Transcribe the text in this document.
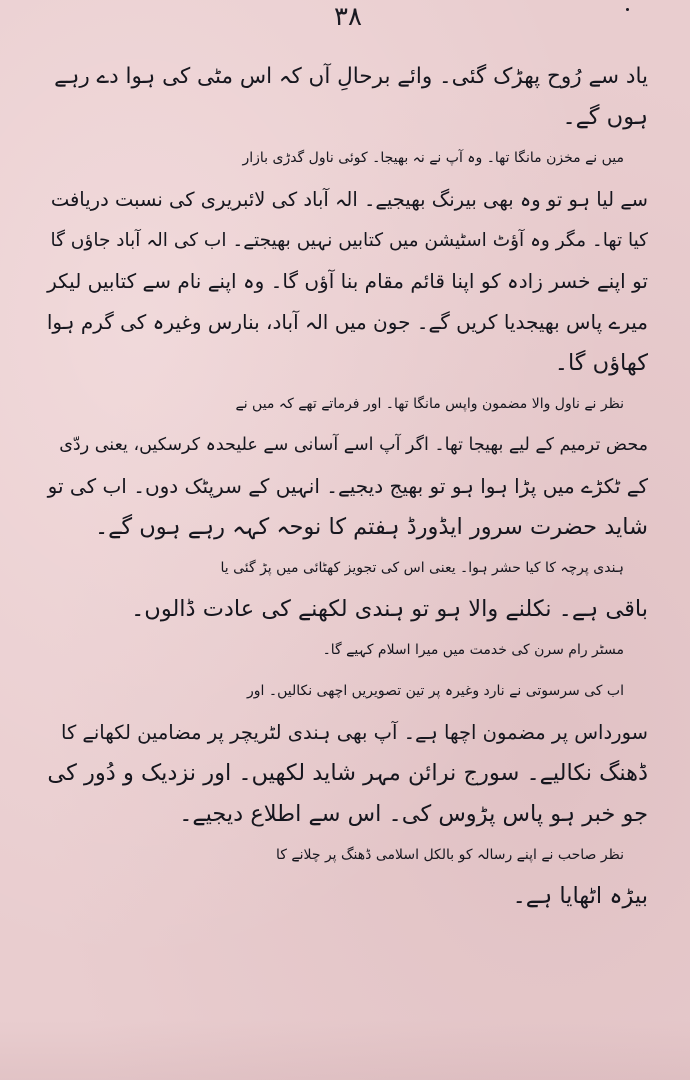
۳۸
یاد سے رُوح پھڑک گئی۔ وائے برحالِ آں کہ اس مٹی کی ہوا دے رہے
ہوں گے۔
میں نے مخزن مانگا تھا۔ وہ آپ نے نہ بھیجا۔ کوئی ناول گدڑی بازار
سے لیا ہو تو وہ بھی بیرنگ بھیجیے۔ الہ آباد کی لائبریری کی نسبت دریافت
کیا تھا۔ مگر وہ آؤٹ اسٹیشن میں کتابیں نہیں بھیجتے۔ اب کی الہ آباد جاؤں گا
تو اپنے خسر زادہ کو اپنا قائم مقام بنا آؤں گا۔ وہ اپنے نام سے کتابیں لیکر
میرے پاس بھیجدیا کریں گے۔ جون میں الہ آباد، بنارس وغیرہ کی گرم ہوا
کھاؤں گا۔
نظر نے ناول والا مضمون واپس مانگا تھا۔ اور فرماتے تھے کہ میں نے
محض ترمیم کے لیے بھیجا تھا۔ اگر آپ اسے آسانی سے علیحدہ کرسکیں، یعنی ردّی
کے ٹکڑے میں پڑا ہوا ہو تو بھیج دیجیے۔ انہیں کے سرپٹک دوں۔ اب کی تو
شاید حضرت سرور ایڈورڈ ہفتم کا نوحہ کہہ رہے ہوں گے۔
ہندی پرچہ کا کیا حشر ہوا۔ یعنی اس کی تجویز کھٹائی میں پڑ گئی یا
باقی ہے۔ نکلنے والا ہو تو ہندی لکھنے کی عادت ڈالوں۔
مسٹر رام سرن کی خدمت میں میرا اسلام کہیے گا۔
اب کی سرسوتی نے نارد وغیرہ پر تین تصویریں اچھی نکالیں۔ اور
سورداس پر مضمون اچھا ہے۔ آپ بھی ہندی لٹریچر پر مضامین لکھانے کا
ڈھنگ نکالیے۔ سورج نرائن مہر شاید لکھیں۔ اور نزدیک و دُور کی
جو خبر ہو پاس پڑوس کی۔ اس سے اطلاع دیجیے۔
نظر صاحب نے اپنے رسالہ کو بالکل اسلامی ڈھنگ پر چلانے کا
بیڑہ اٹھایا ہے۔
